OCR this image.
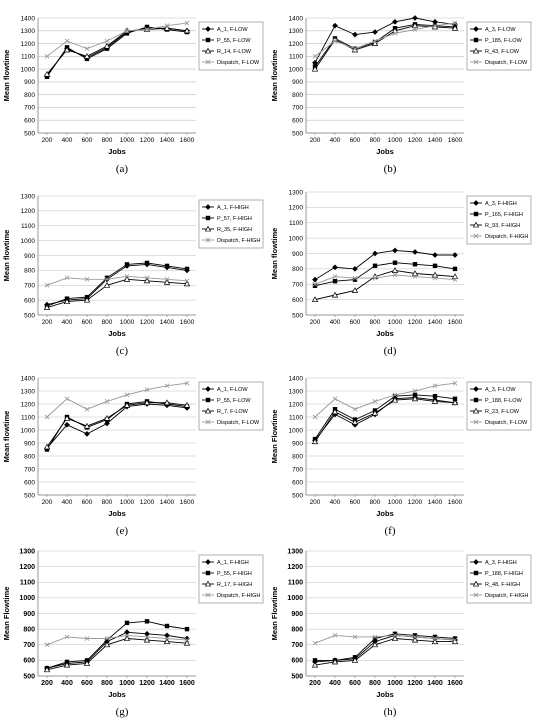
500
600
700
800
900
1000
1100
1200
1300
1400
200 400 600 800 1000 1200 1400 1600
Jobs
Mean flowtime
A_1, F-LOW
P_55, F-LOW
R_14, F-LOW
Dispatch, F-LOW
(a)
500
600
700
800
900
1000
1100
1200
1300
1400
200 400 600 800 1000 1200 1400 1600
Jobs
Mean flowtime
A_3, F-LOW
P_185, F-LOW
R_43, F-LOW
Dispatch, F-LOW
(b)
500
600
700
800
900
1000
1100
1200
1300
200 400 600 800 1000 1200 1400 1600
Jobs
Mean flowtime
A_1, F-HIGH
P_57, F-HIGH
R_35, F-HIGH
Dispatch, F-HIGH
(c)
500
600
700
800
900
1000
1100
1200
1300
200 400 600 800 1000 1200 1400 1600
Jobs
Mean flowtime
A_3, F-HIGH
P_165, F-HIGH
R_93, F-HIGH
Dispatch, F-HIGH
(d)
500
600
700
800
900
1000
1100
1200
1300
1400
200 400 600 800 1000 1200 1400 1600
Jobs
Mean flowtime
A_1, F-LOW
P_55, F-LOW
R_7, F-LOW
Dispatch, F-LOW
(e)
500
600
700
800
900
1000
1100
1200
1300
1400
200 400 600 800 1000 1200 1400 1600
Jobs
Mean Flowtime
A_3, F-LOW
P_188, F-LOW
R_23, F-LOW
Dispatch, F-LOW
(f)
500
600
700
800
900
1000
1100
1200
1300
200 400 600 800 1000 1200 1400 1600
Jobs
Mean Flowtime
A_1, F-HIGH
P_55, F-HIGH
R_17, F-HIGH
Dispatch, F-HIGH
(g)
500
600
700
800
900
1000
1100
1200
1300
200 400 600 800 1000 1200 1400 1600
Jobs
Mean Flowtime
A_3, F-HIGH
P_188, F-HIGH
R_48, F-HIGH
Dispatch, F-HIGH
(h)
